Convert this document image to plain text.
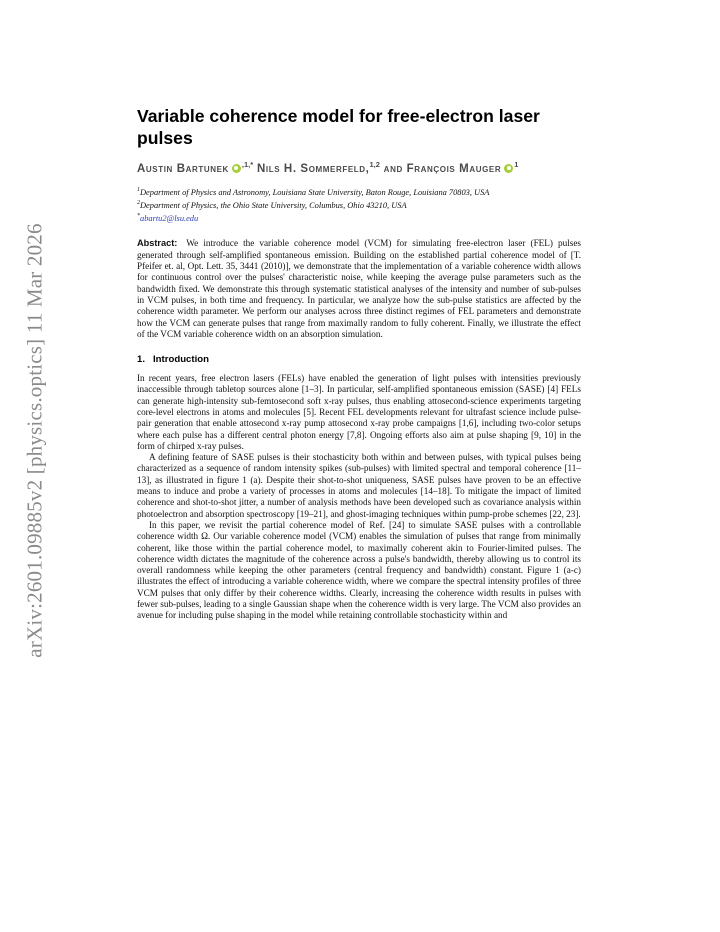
arXiv:2601.09885v2 [physics.optics] 11 Mar 2026
Variable coherence model for free-electron laser pulses
Austin Bartunek $^{,1,*}$ Nils H. Sommerfeld,$^{1,2}$ and François Mauger $^1$
$^1$Department of Physics and Astronomy, Louisiana State University, Baton Rouge, Louisiana 70803, USA
$^2$Department of Physics, the Ohio State University, Columbus, Ohio 43210, USA
*abartu2@lsu.edu
Abstract: We introduce the variable coherence model (VCM) for simulating free-electron laser (FEL) pulses generated through self-amplified spontaneous emission. Building on the established partial coherence model of [T. Pfeifer et. al, Opt. Lett. 35, 3441 (2010)], we demonstrate that the implementation of a variable coherence width allows for continuous control over the pulses' characteristic noise, while keeping the average pulse parameters such as the bandwidth fixed. We demonstrate this through systematic statistical analyses of the intensity and number of sub-pulses in VCM pulses, in both time and frequency. In particular, we analyze how the sub-pulse statistics are affected by the coherence width parameter. We perform our analyses across three distinct regimes of FEL parameters and demonstrate how the VCM can generate pulses that range from maximally random to fully coherent. Finally, we illustrate the effect of the VCM variable coherence width on an absorption simulation.
1. Introduction

In recent years, free electron lasers (FELs) have enabled the generation of light pulses with intensities previously inaccessible through tabletop sources alone [1–3]. In particular, self-amplified spontaneous emission (SASE) [4] FELs can generate high-intensity sub-femtosecond soft x-ray pulses, thus enabling attosecond-science experiments targeting core-level electrons in atoms and molecules [5]. Recent FEL developments relevant for ultrafast science include pulse-pair generation that enable attosecond x-ray pump attosecond x-ray probe campaigns [1,6], including two-color setups where each pulse has a different central photon energy [7,8]. Ongoing efforts also aim at pulse shaping [9, 10] in the form of chirped x-ray pulses.

A defining feature of SASE pulses is their stochasticity both within and between pulses, with typical pulses being characterized as a sequence of random intensity spikes (sub-pulses) with limited spectral and temporal coherence [11–13], as illustrated in figure 1 (a). Despite their shot-to-shot uniqueness, SASE pulses have proven to be an effective means to induce and probe a variety of processes in atoms and molecules [14–18]. To mitigate the impact of limited coherence and shot-to-shot jitter, a number of analysis methods have been developed such as covariance analysis within photoelectron and absorption spectroscopy [19–21], and ghost-imaging techniques within pump-probe schemes [22, 23].

In this paper, we revisit the partial coherence model of Ref. [24] to simulate SASE pulses with a controllable coherence width Ω. Our variable coherence model (VCM) enables the simulation of pulses that range from minimally coherent, like those within the partial coherence model, to maximally coherent akin to Fourier-limited pulses. The coherence width dictates the magnitude of the coherence across a pulse's bandwidth, thereby allowing us to control its overall randomness while keeping the other parameters (central frequency and bandwidth) constant. Figure 1 (a-c) illustrates the effect of introducing a variable coherence width, where we compare the spectral intensity profiles of three VCM pulses that only differ by their coherence widths. Clearly, increasing the coherence width results in pulses with fewer sub-pulses, leading to a single Gaussian shape when the coherence width is very large. The VCM also provides an avenue for including pulse shaping in the model while retaining controllable stochasticity within and
